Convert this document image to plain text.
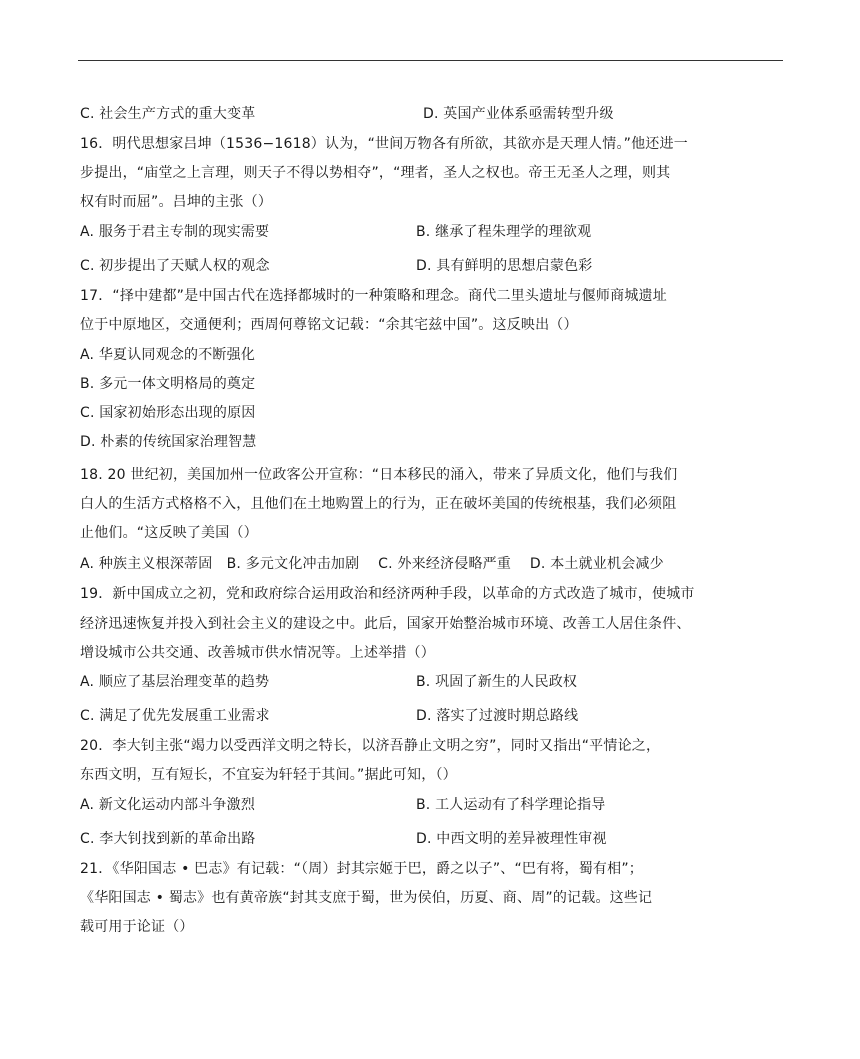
C. 社会生产方式的重大变革	D. 英国产业体系亟需转型升级
16．明代思想家吕坤（1536−1618）认为，“世间万物各有所欲，其欲亦是天理人情。”他还进一
步提出，“庙堂之上言理，则天子不得以势相夺”，“理者，圣人之权也。帝王无圣人之理，则其
权有时而屈”。吕坤的主张（）
A. 服务于君主专制的现实需要	B. 继承了程朱理学的理欲观
C. 初步提出了天赋人权的观念	D. 具有鲜明的思想启蒙色彩
17．“择中建都”是中国古代在选择都城时的一种策略和理念。商代二里头遗址与偃师商城遗址
位于中原地区，交通便利；西周何尊铭文记载：“余其宅兹中国”。这反映出（）
A. 华夏认同观念的不断强化
B. 多元一体文明格局的奠定
C. 国家初始形态出现的原因
D. 朴素的传统国家治理智慧
18. 20 世纪初，美国加州一位政客公开宣称：“日本移民的涌入，带来了异质文化，他们与我们
白人的生活方式格格不入，且他们在土地购置上的行为，正在破坏美国的传统根基，我们必须阻
止他们。“这反映了美国（）
A. 种族主义根深蒂固　B. 多元文化冲击加剧　 C. 外来经济侵略严重　 D. 本土就业机会减少
19．新中国成立之初，党和政府综合运用政治和经济两种手段，以革命的方式改造了城市，使城市
经济迅速恢复并投入到社会主义的建设之中。此后，国家开始整治城市环境、改善工人居住条件、
增设城市公共交通、改善城市供水情况等。上述举措（）
A. 顺应了基层治理变革的趋势	B. 巩固了新生的人民政权
C. 满足了优先发展重工业需求	D. 落实了过渡时期总路线
20．李大钊主张“竭力以受西洋文明之特长，以济吾静止文明之穷”，同时又指出“平情论之，
东西文明，互有短长，不宜妄为轩轻于其间。”据此可知，（）
A. 新文化运动内部斗争激烈	B. 工人运动有了科学理论指导
C. 李大钊找到新的革命出路	D. 中西文明的差异被理性审视
21．《华阳国志 • 巴志》有记载：“（周）封其宗姬于巴，爵之以子”、“巴有将，蜀有相”；
《华阳国志 • 蜀志》也有黄帝族“封其支庶于蜀，世为侯伯，历夏、商、周”的记载。这些记
载可用于论证（）
